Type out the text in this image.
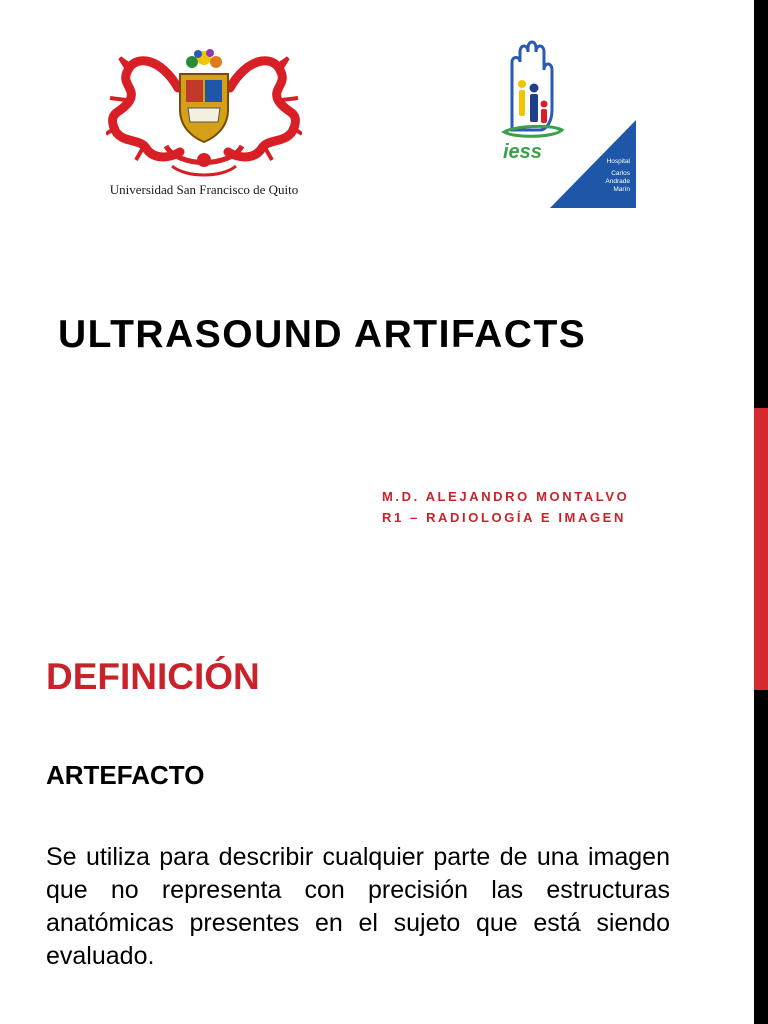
Universidad San Francisco de Quito
iess	Hospital
Carlos
Andrade
Marín
ULTRASOUND ARTIFACTS
M.D. ALEJANDRO MONTALVO
R1 – RADIOLOGÍA E IMAGEN
DEFINICIÓN
ARTEFACTO

Se utiliza para describir cualquier parte de una imagen que no representa con precisión las estructuras anatómicas presentes en el sujeto que está siendo evaluado.
